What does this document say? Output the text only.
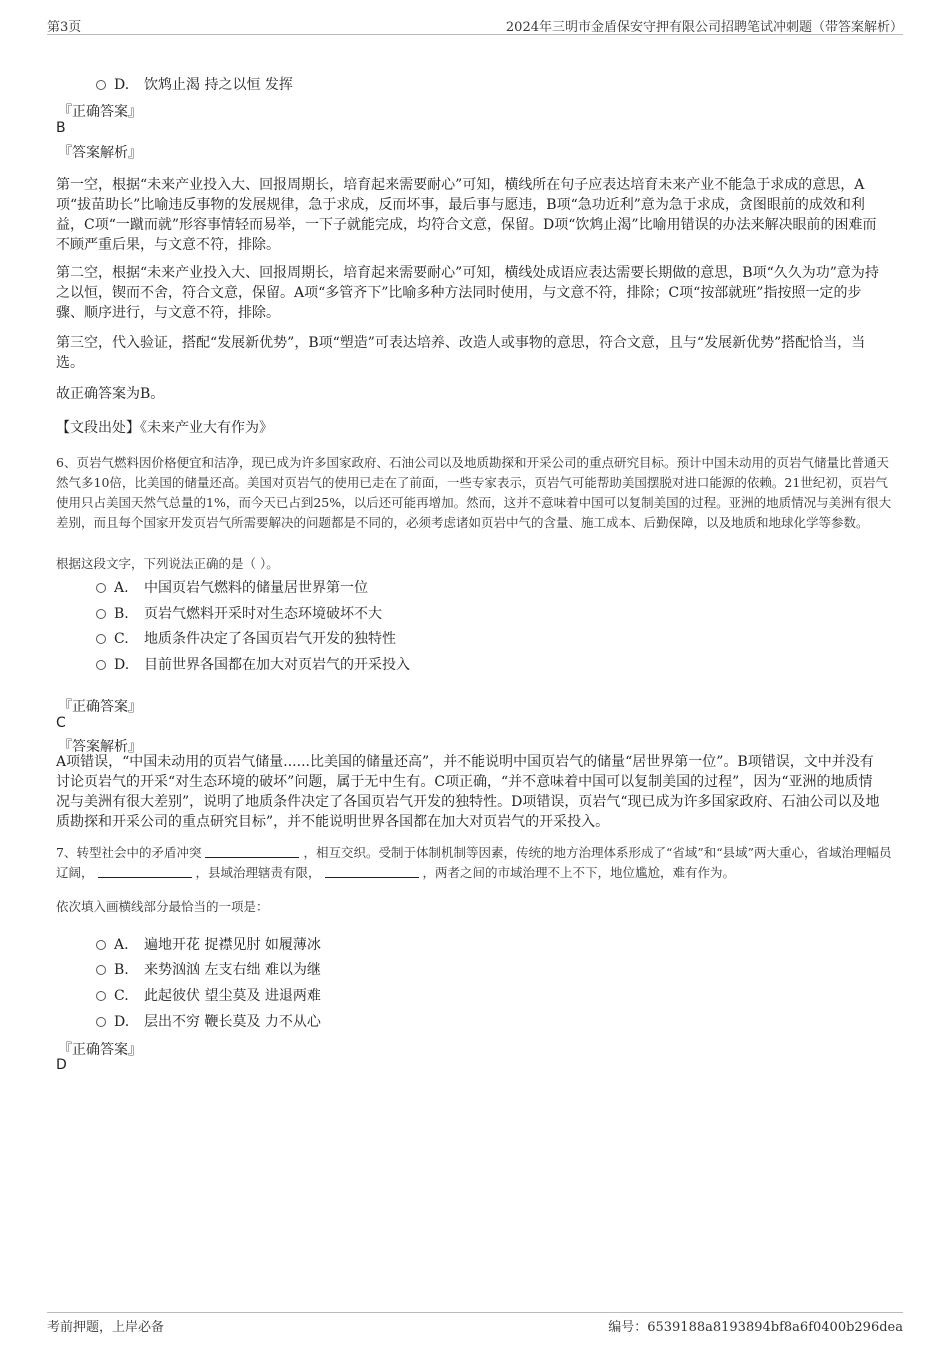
第3页	2024年三明市金盾保安守押有限公司招聘笔试冲刺题（带答案解析）
D. 饮鸩止渴 持之以恒 发挥
『正确答案』
B
『答案解析』
第一空，根据“未来产业投入大、回报周期长，培育起来需要耐心”可知，横线所在句子应表达培育未来产业不能急于求成的意思，A项“拔苗助长”比喻违反事物的发展规律，急于求成，反而坏事，最后事与愿违，B项“急功近利”意为急于求成，贪图眼前的成效和利益，C项“一蹴而就”形容事情轻而易举，一下子就能完成，均符合文意，保留。D项“饮鸩止渴”比喻用错误的办法来解决眼前的困难而不顾严重后果，与文意不符，排除。
第二空，根据“未来产业投入大、回报周期长，培育起来需要耐心”可知，横线处成语应表达需要长期做的意思，B项“久久为功”意为持之以恒，锲而不舍，符合文意，保留。A项“多管齐下”比喻多种方法同时使用，与文意不符，排除；C项“按部就班”指按照一定的步骤、顺序进行，与文意不符，排除。
第三空，代入验证，搭配“发展新优势”，B项“塑造”可表达培养、改造人或事物的意思，符合文意，且与“发展新优势”搭配恰当，当选。
故正确答案为B。
【文段出处】《未来产业大有作为》
6、页岩气燃料因价格便宜和洁净，现已成为许多国家政府、石油公司以及地质勘探和开采公司的重点研究目标。预计中国未动用的页岩气储量比普通天然气多10倍，比美国的储量还高。美国对页岩气的使用已走在了前面，一些专家表示，页岩气可能帮助美国摆脱对进口能源的依赖。21世纪初，页岩气使用只占美国天然气总量的1%，而今天已占到25%，以后还可能再增加。然而，这并不意味着中国可以复制美国的过程。亚洲的地质情况与美洲有很大差别，而且每个国家开发页岩气所需要解决的问题都是不同的，必须考虑诸如页岩中气的含量、施工成本、后勤保障，以及地质和地球化学等参数。
根据这段文字，下列说法正确的是（ ）。
A. 中国页岩气燃料的储量居世界第一位
B. 页岩气燃料开采时对生态环境破坏不大
C. 地质条件决定了各国页岩气开发的独特性
D. 目前世界各国都在加大对页岩气的开采投入
『正确答案』
C
『答案解析』
A项错误，“中国未动用的页岩气储量......比美国的储量还高”，并不能说明中国页岩气的储量“居世界第一位”。B项错误，文中并没有讨论页岩气的开采“对生态环境的破坏”问题，属于无中生有。C项正确，“并不意味着中国可以复制美国的过程”，因为“亚洲的地质情况与美洲有很大差别”，说明了地质条件决定了各国页岩气开发的独特性。D项错误，页岩气“现已成为许多国家政府、石油公司以及地质勘探和开采公司的重点研究目标”，并不能说明世界各国都在加大对页岩气的开采投入。
7、转型社会中的矛盾冲突	，相互交织。受制于体制机制等因素，传统的地方治理体系形成了“省域”和“县域”两大重心，省域治理幅员辽阔，	，县域治理辖责有限，	，两者之间的市域治理不上不下，地位尴尬，难有作为。
依次填入画横线部分最恰当的一项是：
A. 遍地开花 捉襟见肘 如履薄冰
B. 来势汹汹 左支右绌 难以为继
C. 此起彼伏 望尘莫及 进退两难
D. 层出不穷 鞭长莫及 力不从心
『正确答案』
D
考前押题，上岸必备	编号：6539188a8193894bf8a6f0400b296dea
